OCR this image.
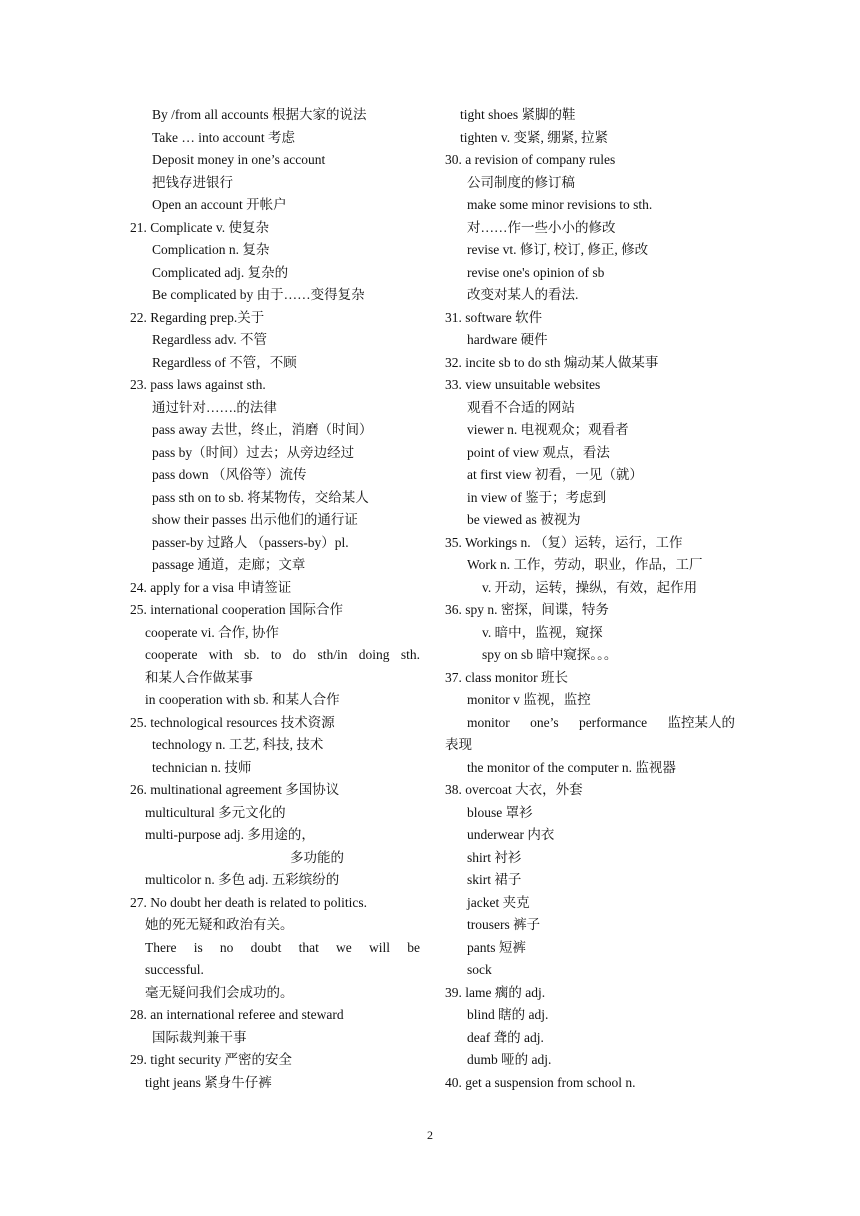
By /from all accounts 根据大家的说法
Take … into account 考虑
Deposit money in one’s account
把钱存进银行
Open an account 开帐户
21. Complicate v. 使复杂
Complication n. 复杂
Complicated adj. 复杂的
Be complicated by 由于……变得复杂
22. Regarding prep.关于
Regardless adv. 不管
Regardless of 不管，不顾
23. pass laws against sth.
通过针对…….的法律
pass away 去世，终止，消磨（时间）
pass by（时间）过去；从旁边经过
pass down （风俗等）流传
pass sth on to sb. 将某物传，交给某人
show their passes 出示他们的通行证
passer-by 过路人 （passers-by）pl.
passage 通道，走廊；文章
24. apply for a visa 申请签证
25. international cooperation 国际合作
cooperate vi. 合作, 协作
cooperate with sb. to do sth/in doing sth.
和某人合作做某事
in cooperation with sb. 和某人合作
25. technological resources 技术资源
technology n. 工艺, 科技, 技术
technician n. 技师
26. multinational agreement 多国协议
multicultural 多元文化的
multi-purpose adj. 多用途的，
多功能的
multicolor n. 多色 adj. 五彩缤纷的
27. No doubt her death is related to politics.
她的死无疑和政治有关。
There is no doubt that we will be
successful.
毫无疑问我们会成功的。
28. an international referee and steward
国际裁判兼干事
29. tight security 严密的安全
tight jeans 紧身牛仔裤
tight shoes 紧脚的鞋
tighten v. 变紧, 绷紧, 拉紧
30. a revision of company rules
公司制度的修订稿
make some minor revisions to sth.
对……作一些小小的修改
revise vt. 修订, 校订, 修正, 修改
revise one's opinion of sb
改变对某人的看法.
31. software 软件
hardware 硬件
32. incite sb to do sth 煽动某人做某事
33. view unsuitable websites
观看不合适的网站
viewer n. 电视观众；观看者
point of view 观点，看法
at first view 初看，一见（就）
in view of 鉴于；考虑到
be viewed as 被视为
35. Workings n. （复）运转，运行，工作
Work n. 工作，劳动，职业，作品，工厂
v. 开动，运转，操纵，有效，起作用
36. spy n. 密探，间谍，特务
v. 暗中，监视，窥探
spy on sb 暗中窥探。。。
37. class monitor 班长
monitor v 监视，监控
monitor one’s performance 监控某人的
表现
the monitor of the computer n. 监视器
38. overcoat 大衣，外套
blouse 罩衫
underwear 内衣
shirt 衬衫
skirt 裙子
jacket 夹克
trousers 裤子
pants 短裤
sock
39. lame 瘸的 adj.
blind 瞎的 adj.
deaf 聋的 adj.
dumb 哑的 adj.
40. get a suspension from school n.
2
